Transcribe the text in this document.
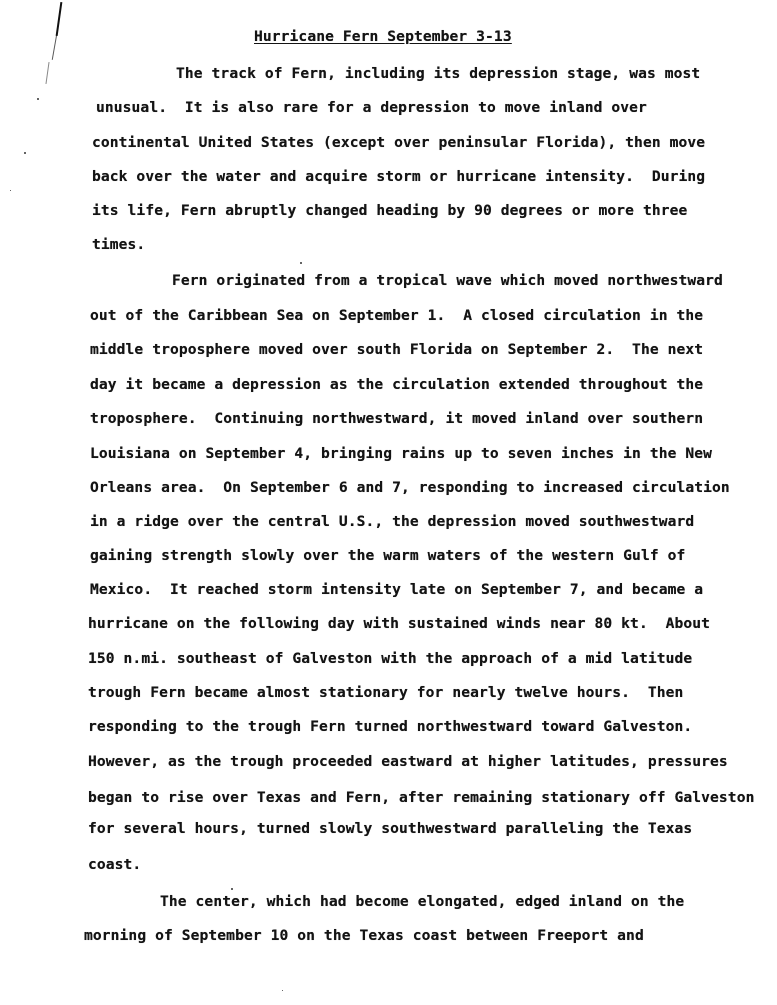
Hurricane Fern September 3-13
The track of Fern, including its depression stage, was most
unusual.  It is also rare for a depression to move inland over
continental United States (except over peninsular Florida), then move
back over the water and acquire storm or hurricane intensity.  During
its life, Fern abruptly changed heading by 90 degrees or more three
times.
Fern originated from a tropical wave which moved northwestward
out of the Caribbean Sea on September 1.  A closed circulation in the
middle troposphere moved over south Florida on September 2.  The next
day it became a depression as the circulation extended throughout the
troposphere.  Continuing northwestward, it moved inland over southern
Louisiana on September 4, bringing rains up to seven inches in the New
Orleans area.  On September 6 and 7, responding to increased circulation
in a ridge over the central U.S., the depression moved southwestward
gaining strength slowly over the warm waters of the western Gulf of
Mexico.  It reached storm intensity late on September 7, and became a
hurricane on the following day with sustained winds near 80 kt.  About
150 n.mi. southeast of Galveston with the approach of a mid latitude
trough Fern became almost stationary for nearly twelve hours.  Then
responding to the trough Fern turned northwestward toward Galveston.
However, as the trough proceeded eastward at higher latitudes, pressures
began to rise over Texas and Fern, after remaining stationary off Galveston
for several hours, turned slowly southwestward paralleling the Texas
coast.
The center, which had become elongated, edged inland on the
morning of September 10 on the Texas coast between Freeport and
